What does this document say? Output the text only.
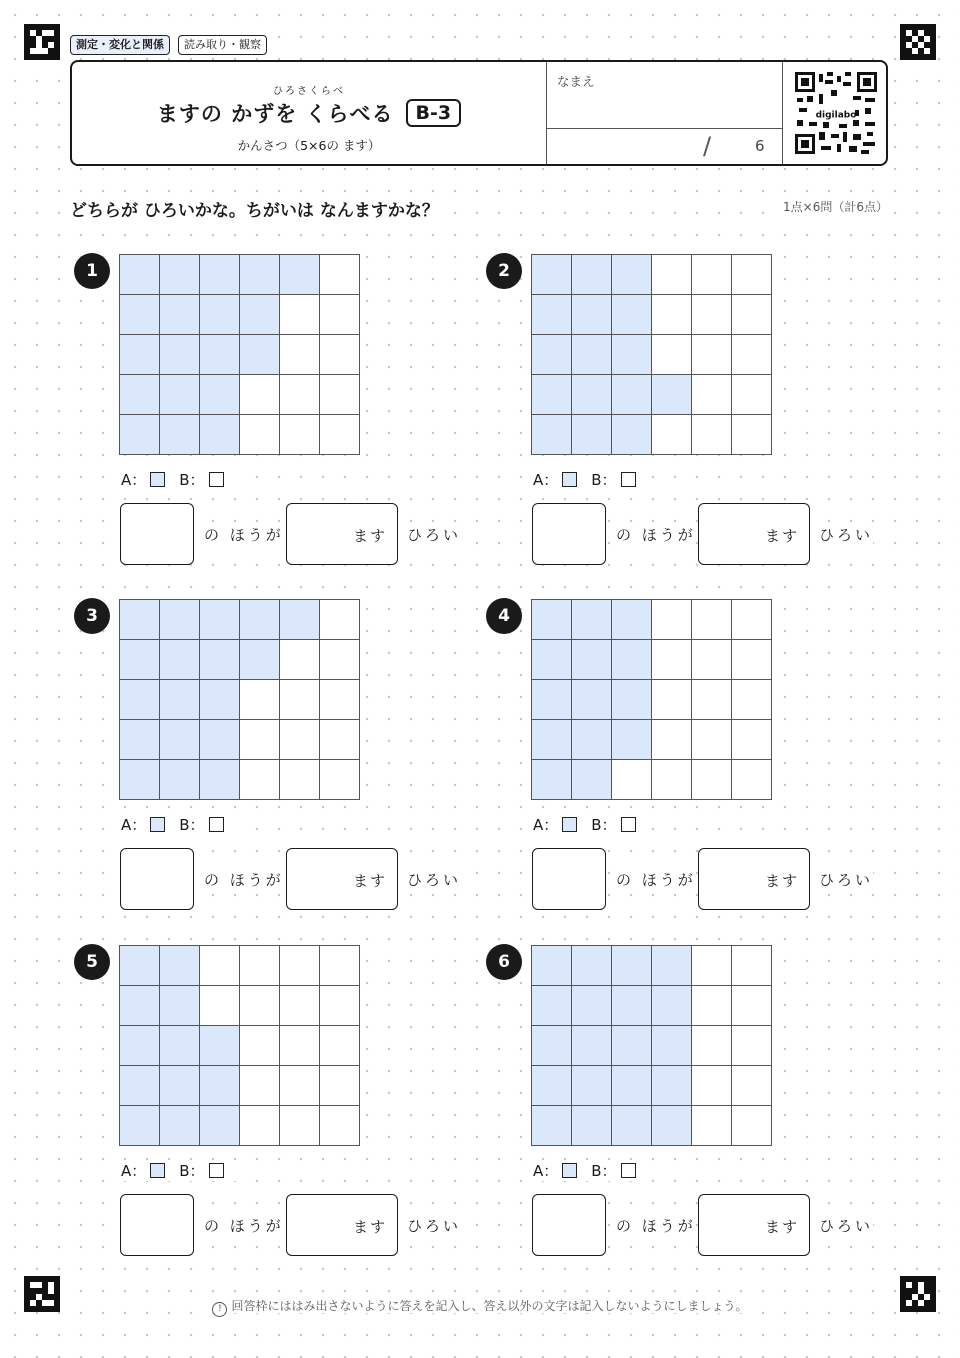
測定・変化と関係	読み取り・観察
ひろさくらべ
ますの かずを くらべる	B-3
かんさつ（5×6の ます）
なまえ
/	6
digilabo
どちらが ひろいかな。ちがいは なんますかな？	1点×6問（計6点）
1
A： B：
の ほうが	ます ひろい
2
A： B：
の ほうが	ます ひろい
3
A： B：
の ほうが	ます ひろい
4
A： B：
の ほうが	ます ひろい
5
A： B：
の ほうが	ます ひろい
6
A： B：
の ほうが	ます ひろい
! 回答枠にははみ出さないように答えを記入し、答え以外の文字は記入しないようにしましょう。
